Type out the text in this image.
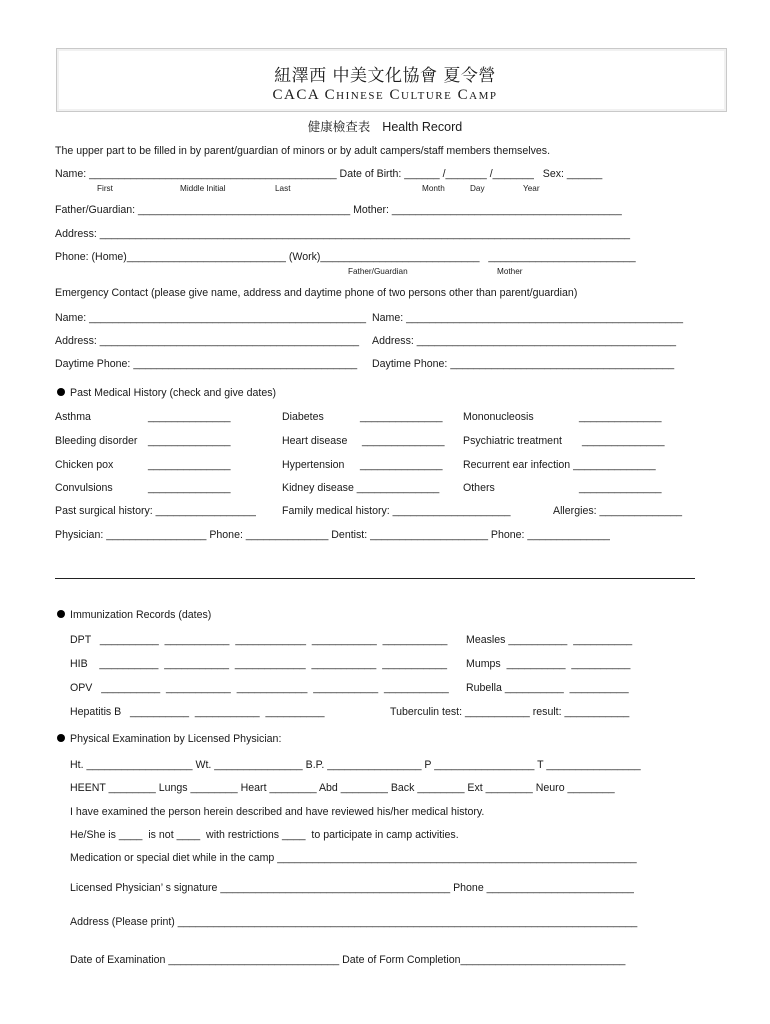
紐澤西 中美文化協會 夏令營
CACA Chinese Culture Camp
健康檢查表 Health Record
The upper part to be filled in by parent/guardian of minors or by adult campers/staff members themselves.
Name: __________________________________________ Date of Birth: ______ /_______ /_______   Sex: ______
First	Middle Initial	Last	Month	Day	Year
Father/Guardian: ____________________________________ Mother: _______________________________________
Address: __________________________________________________________________________________________
Phone: (Home)___________________________ (Work)___________________________   _________________________
Father/Guardian	Mother
Emergency Contact (please give name, address and daytime phone of two persons other than parent/guardian)
Name: _______________________________________________ Name: _______________________________________________
Address: ____________________________________________ Address: ____________________________________________
Daytime Phone: ______________________________________ Daytime Phone: ______________________________________
Past Medical History (check and give dates)
Asthma	______________	Diabetes	______________ Mononucleosis	______________
Bleeding disorder ______________	Heart disease ______________ Psychiatric treatment ______________
Chicken pox	______________	Hypertension ______________ Recurrent ear infection ______________
Convulsions	______________	Kidney disease ______________ Others	______________
Past surgical history: _________________ Family medical history: ____________________	Allergies: ______________
Physician: _________________ Phone: ______________ Dentist: ____________________ Phone: ______________
Immunization Records (dates)
DPT   __________  ___________  ____________  ___________  ___________ Measles __________  __________
HIB    __________  ___________  ____________  ___________  ___________ Mumps  __________  __________
OPV   __________  ___________  ____________  ___________  ___________ Rubella __________  __________
Hepatitis B   __________  ___________  __________	Tuberculin test: ___________ result: ___________
Physical Examination by Licensed Physician:
Ht. __________________ Wt. _______________ B.P. ________________ P _________________ T ________________
HEENT ________ Lungs ________ Heart ________ Abd ________ Back ________ Ext ________ Neuro ________
I have examined the person herein described and have reviewed his/her medical history.
He/She is ____  is not ____  with restrictions ____  to participate in camp activities.
Medication or special diet while in the camp _____________________________________________________________
Licensed Physician’ s signature _______________________________________ Phone _________________________
Address (Please print) ______________________________________________________________________________
Date of Examination _____________________________ Date of Form Completion____________________________
